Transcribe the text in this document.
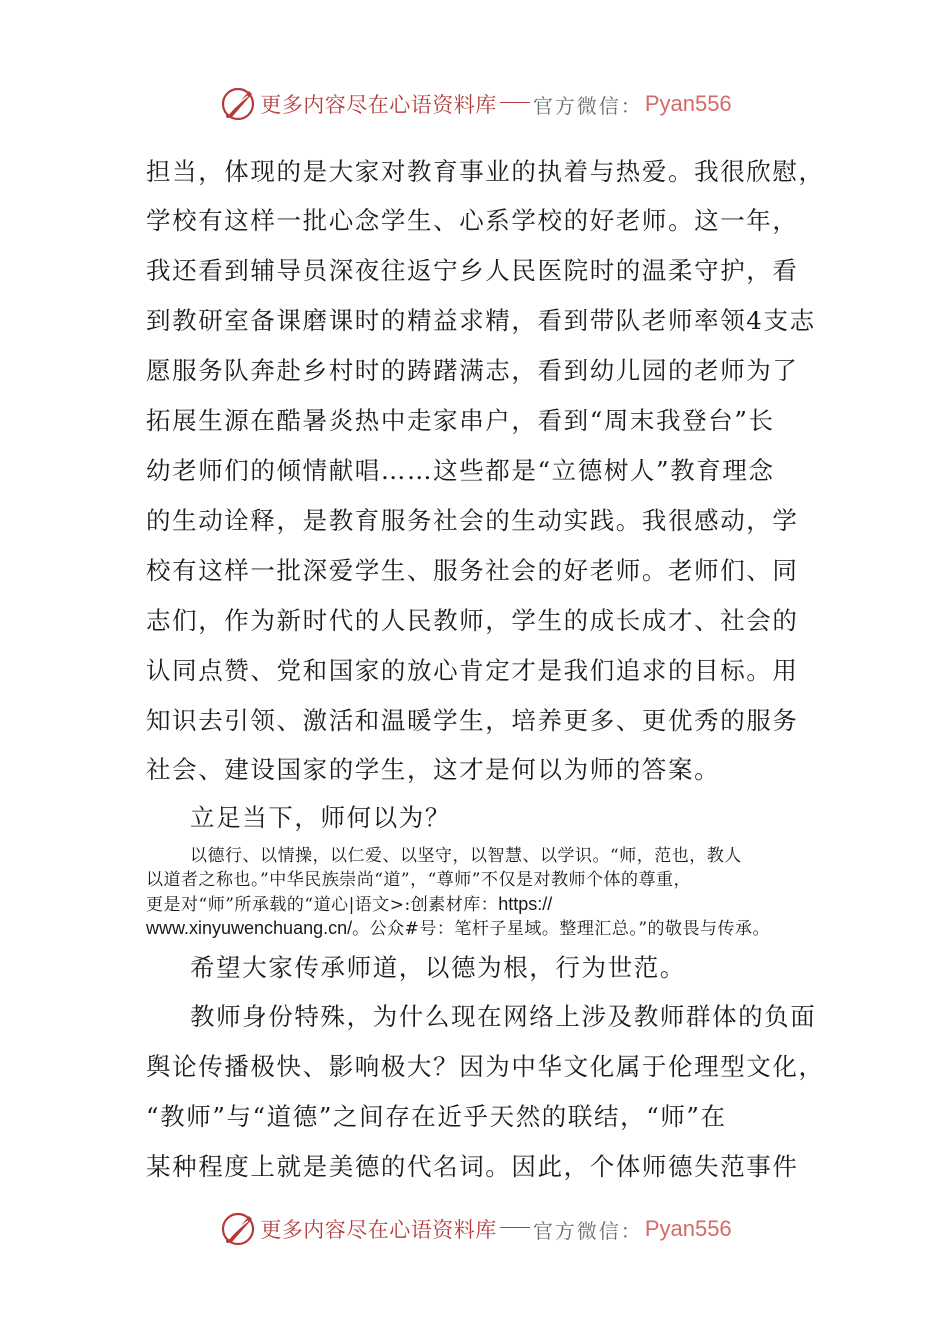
更多内容尽在心语资料库 官方微信： Pyan556
担当，体现的是大家对教育事业的执着与热爱。我很欣慰，
学校有这样一批心念学生、心系学校的好老师。这一年，
我还看到辅导员深夜往返宁乡人民医院时的温柔守护，看
到教研室备课磨课时的精益求精，看到带队老师率领4支志
愿服务队奔赴乡村时的踌躇满志，看到幼儿园的老师为了
拓展生源在酷暑炎热中走家串户，看到“周末我登台”长
幼老师们的倾情献唱……这些都是“立德树人”教育理念
的生动诠释，是教育服务社会的生动实践。我很感动，学
校有这样一批深爱学生、服务社会的好老师。老师们、同
志们，作为新时代的人民教师，学生的成长成才、社会的
认同点赞、党和国家的放心肯定才是我们追求的目标。用
知识去引领、激活和温暖学生，培养更多、更优秀的服务
社会、建设国家的学生，这才是何以为师的答案。
立足当下，师何以为？
以德行、以情操，以仁爱、以坚守，以智慧、以学识。“师，范也，教人
以道者之称也。”中华民族崇尚“道”，“尊师”不仅是对教师个体的尊重，
更是对“师”所承载的“道心|语文>:创素材库：https://
www.xinyuwenchuang.cn/。公众#号：笔杆子星域。整理汇总。”的敬畏与传承。
希望大家传承师道，以德为根，行为世范。
教师身份特殊，为什么现在网络上涉及教师群体的负面
舆论传播极快、影响极大？因为中华文化属于伦理型文化，
“教师”与“道德”之间存在近乎天然的联结，“师”在
某种程度上就是美德的代名词。因此，个体师德失范事件
更多内容尽在心语资料库 官方微信： Pyan556
